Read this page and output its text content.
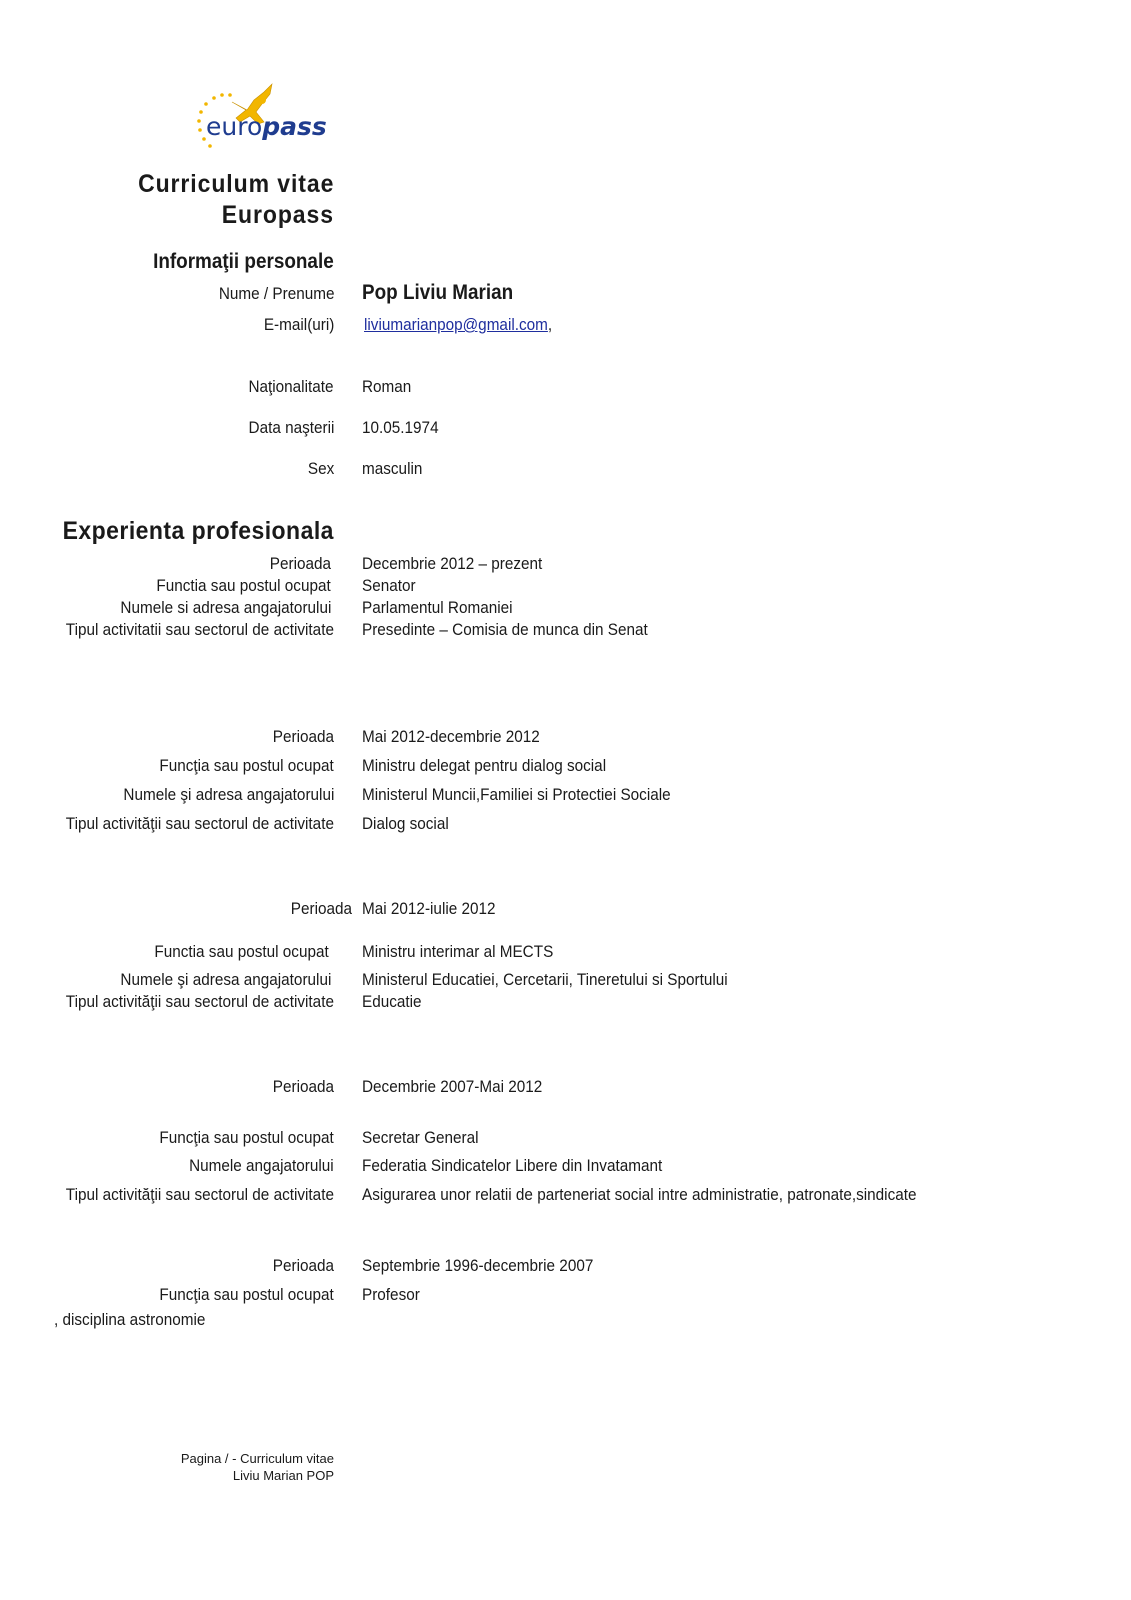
europass
Curriculum vitae
Europass
Informaţii personale
Nume / Prenume Pop Liviu Marian
E-mail(uri) liviumarianpop@gmail.com,
Naţionalitate Roman
Data naşterii 10.05.1974
Sex masculin
Experienta profesionala
Perioada Decembrie 2012 – prezent
Functia sau postul ocupat Senator
Numele si adresa angajatorului Parlamentul Romaniei
Tipul activitatii sau sectorul de activitate Presedinte – Comisia de munca din Senat
Perioada Mai 2012-decembrie 2012
Funcţia sau postul ocupat Ministru delegat pentru dialog social
Numele şi adresa angajatorului Ministerul Muncii,Familiei si Protectiei Sociale
Tipul activităţii sau sectorul de activitate Dialog social
Perioada Mai 2012-iulie 2012
Functia sau postul ocupat Ministru interimar al MECTS
Numele şi adresa angajatorului Ministerul Educatiei, Cercetarii, Tineretului si Sportului
Tipul activităţii sau sectorul de activitate Educatie
Perioada Decembrie 2007-Mai 2012
Funcţia sau postul ocupat Secretar General
Numele angajatorului Federatia Sindicatelor Libere din Invatamant
Tipul activităţii sau sectorul de activitate Asigurarea unor relatii de parteneriat social intre administratie, patronate,sindicate
Perioada Septembrie 1996-decembrie 2007
Funcţia sau postul ocupat Profesor
, disciplina astronomie
Pagina / - Curriculum vitae
Liviu Marian POP
